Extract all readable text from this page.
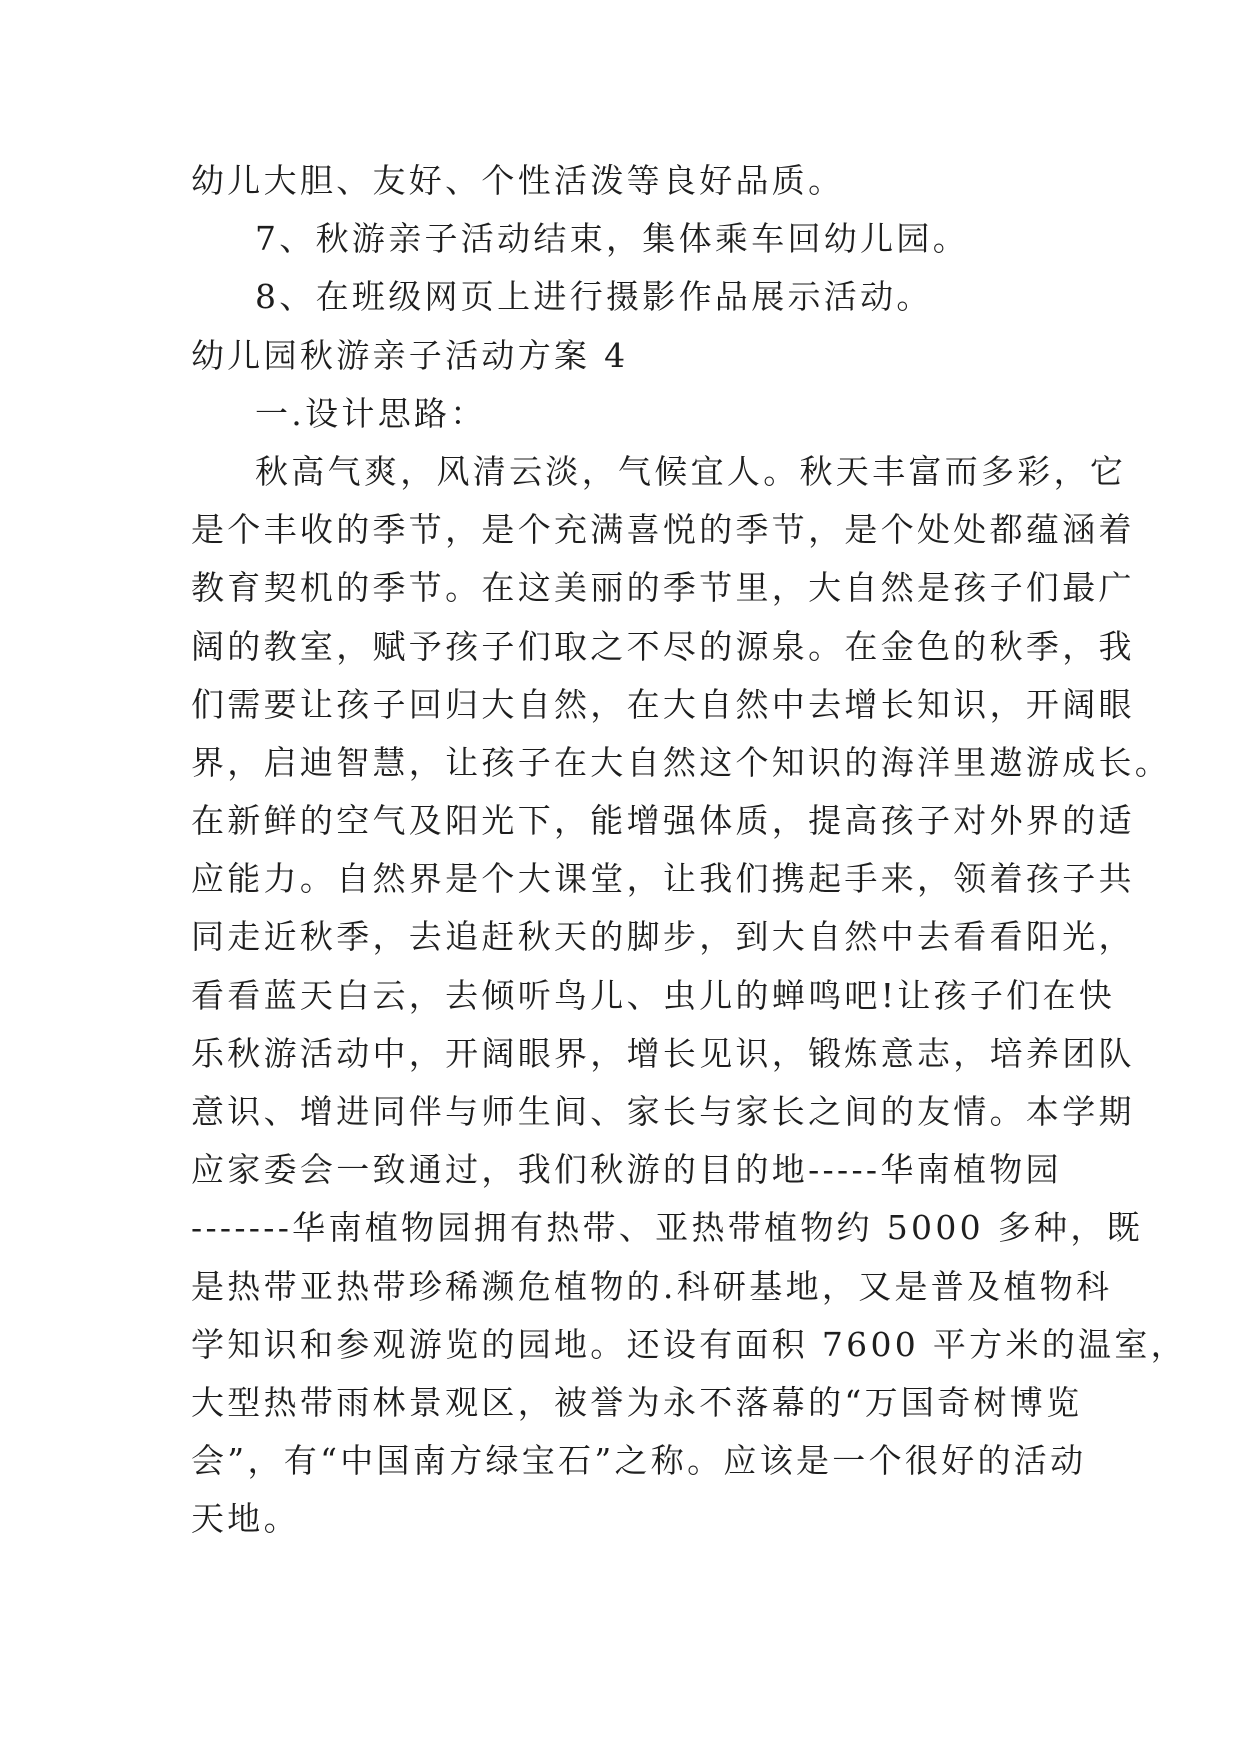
幼儿大胆、友好、个性活泼等良好品质。
7、秋游亲子活动结束，集体乘车回幼儿园。
8、在班级网页上进行摄影作品展示活动。
幼儿园秋游亲子活动方案 4
一.设计思路：
秋高气爽，风清云淡，气候宜人。秋天丰富而多彩，它
是个丰收的季节，是个充满喜悦的季节，是个处处都蕴涵着
教育契机的季节。在这美丽的季节里，大自然是孩子们最广
阔的教室，赋予孩子们取之不尽的源泉。在金色的秋季，我
们需要让孩子回归大自然，在大自然中去增长知识，开阔眼
界，启迪智慧，让孩子在大自然这个知识的海洋里遨游成长。
在新鲜的空气及阳光下，能增强体质，提高孩子对外界的适
应能力。自然界是个大课堂，让我们携起手来，领着孩子共
同走近秋季，去追赶秋天的脚步，到大自然中去看看阳光，
看看蓝天白云，去倾听鸟儿、虫儿的蝉鸣吧!让孩子们在快
乐秋游活动中，开阔眼界，增长见识，锻炼意志，培养团队
意识、增进同伴与师生间、家长与家长之间的友情。本学期
应家委会一致通过，我们秋游的目的地-----华南植物园
-------华南植物园拥有热带、亚热带植物约 5000 多种，既
是热带亚热带珍稀濒危植物的.科研基地，又是普及植物科
学知识和参观游览的园地。还设有面积 7600 平方米的温室，
大型热带雨林景观区，被誉为永不落幕的“万国奇树博览
会”，有“中国南方绿宝石”之称。应该是一个很好的活动
天地。
